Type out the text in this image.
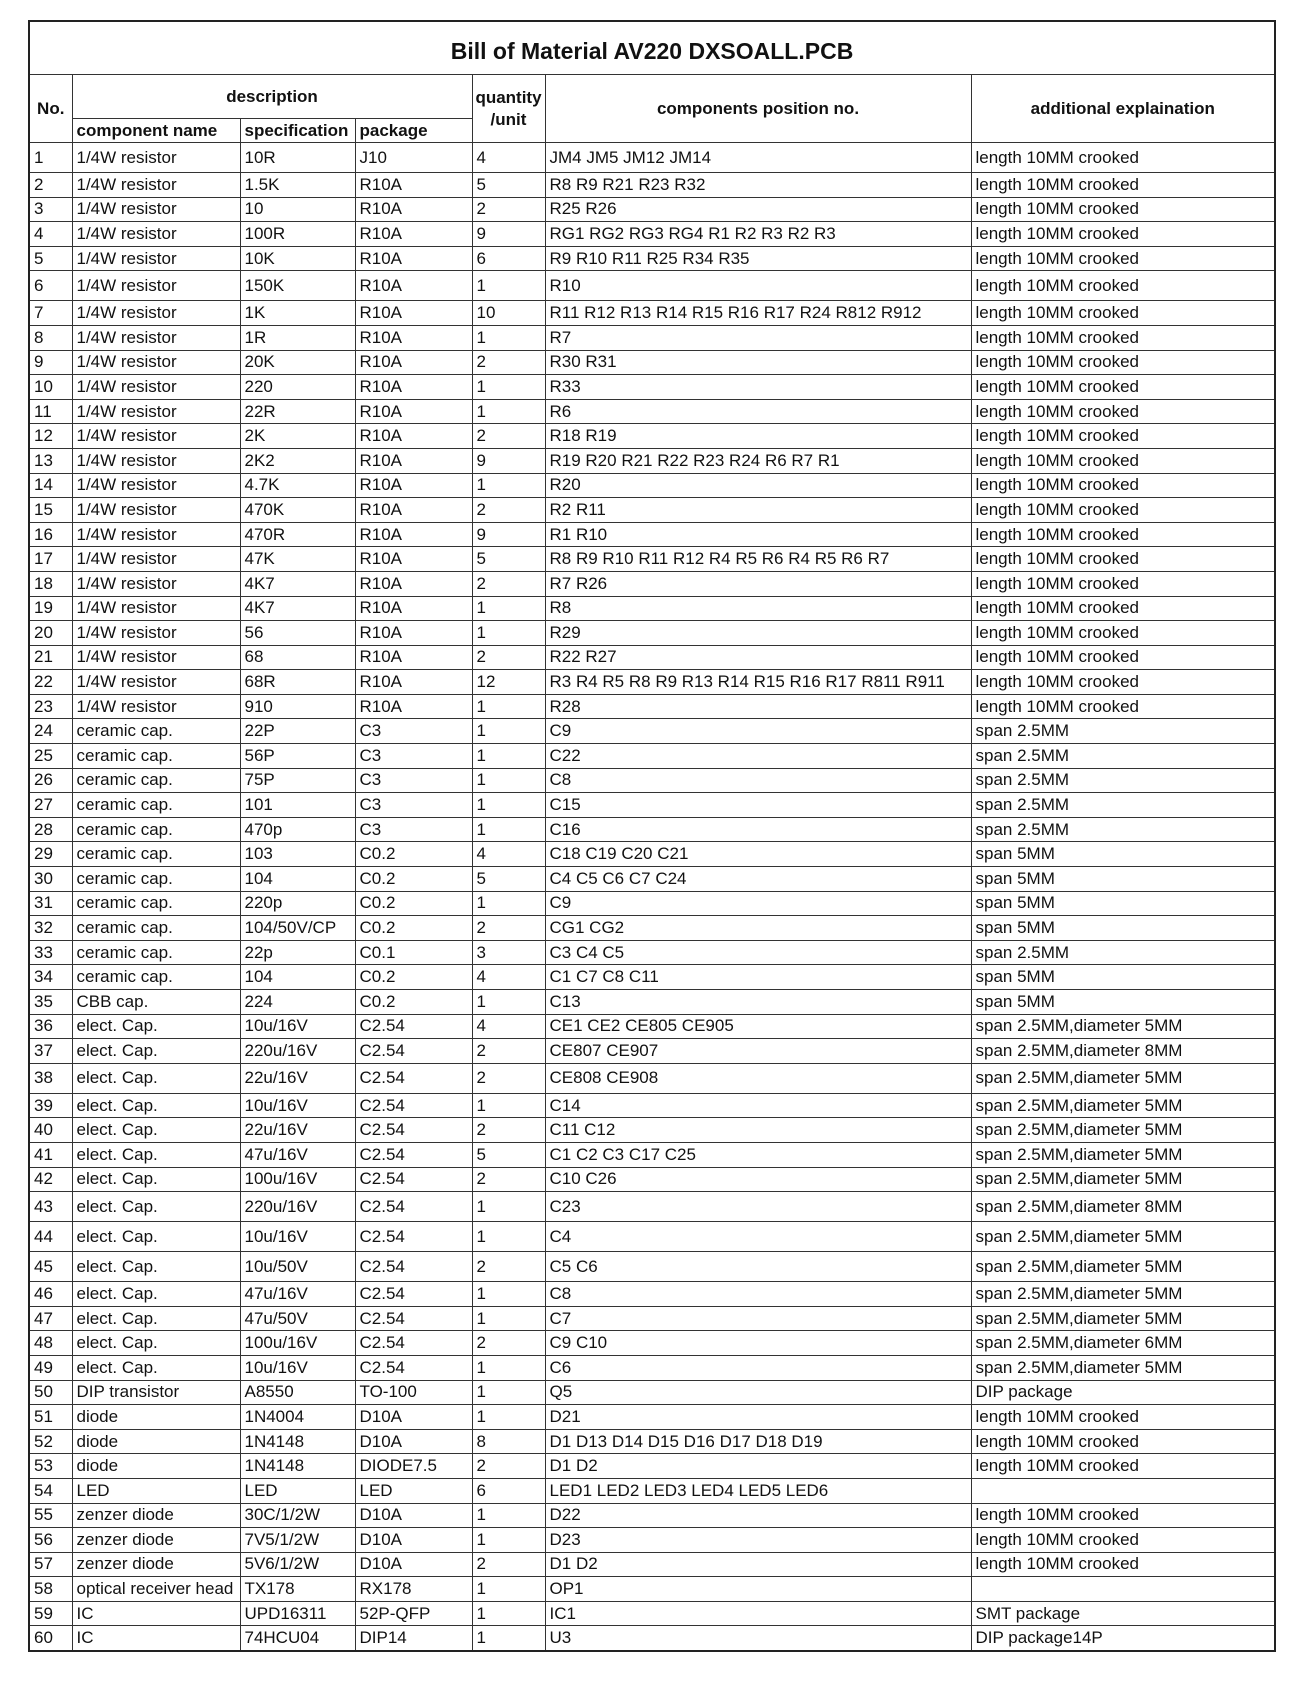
Bill of Material AV220 DXSOALL.PCB						
No.	description			quantity /unit	components position no.	additional explaination
	component name	specification	package			
1	1/4W resistor	10R	J10	4	JM4 JM5 JM12 JM14	length 10MM crooked
2	1/4W resistor	1.5K	R10A	5	R8 R9 R21 R23 R32	length 10MM crooked
3	1/4W resistor	10	R10A	2	R25 R26	length 10MM crooked
4	1/4W resistor	100R	R10A	9	RG1 RG2 RG3 RG4 R1 R2 R3 R2 R3	length 10MM crooked
5	1/4W resistor	10K	R10A	6	R9 R10 R11 R25 R34 R35	length 10MM crooked
6	1/4W resistor	150K	R10A	1	R10	length 10MM crooked
7	1/4W resistor	1K	R10A	10	R11 R12 R13 R14 R15 R16 R17 R24 R812 R912	length 10MM crooked
8	1/4W resistor	1R	R10A	1	R7	length 10MM crooked
9	1/4W resistor	20K	R10A	2	R30 R31	length 10MM crooked
10	1/4W resistor	220	R10A	1	R33	length 10MM crooked
11	1/4W resistor	22R	R10A	1	R6	length 10MM crooked
12	1/4W resistor	2K	R10A	2	R18 R19	length 10MM crooked
13	1/4W resistor	2K2	R10A	9	R19 R20 R21 R22 R23 R24 R6 R7 R1	length 10MM crooked
14	1/4W resistor	4.7K	R10A	1	R20	length 10MM crooked
15	1/4W resistor	470K	R10A	2	R2 R11	length 10MM crooked
16	1/4W resistor	470R	R10A	9	R1 R10	length 10MM crooked
17	1/4W resistor	47K	R10A	5	R8 R9 R10 R11 R12 R4 R5 R6 R4 R5 R6 R7	length 10MM crooked
18	1/4W resistor	4K7	R10A	2	R7 R26	length 10MM crooked
19	1/4W resistor	4K7	R10A	1	R8	length 10MM crooked
20	1/4W resistor	56	R10A	1	R29	length 10MM crooked
21	1/4W resistor	68	R10A	2	R22 R27	length 10MM crooked
22	1/4W resistor	68R	R10A	12	R3 R4 R5 R8 R9 R13 R14 R15 R16 R17 R811 R911	length 10MM crooked
23	1/4W resistor	910	R10A	1	R28	length 10MM crooked
24	ceramic cap.	22P	C3	1	C9	span 2.5MM
25	ceramic cap.	56P	C3	1	C22	span 2.5MM
26	ceramic cap.	75P	C3	1	C8	span 2.5MM
27	ceramic cap.	101	C3	1	C15	span 2.5MM
28	ceramic cap.	470p	C3	1	C16	span 2.5MM
29	ceramic cap.	103	C0.2	4	C18 C19 C20 C21	span 5MM
30	ceramic cap.	104	C0.2	5	C4 C5 C6 C7 C24	span 5MM
31	ceramic cap.	220p	C0.2	1	C9	span 5MM
32	ceramic cap.	104/50V/CP	C0.2	2	CG1 CG2	span 5MM
33	ceramic cap.	22p	C0.1	3	C3 C4 C5	span 2.5MM
34	ceramic cap.	104	C0.2	4	C1 C7 C8 C11	span 5MM
35	CBB cap.	224	C0.2	1	C13	span 5MM
36	elect. Cap.	10u/16V	C2.54	4	CE1 CE2 CE805 CE905	span 2.5MM,diameter 5MM
37	elect. Cap.	220u/16V	C2.54	2	CE807 CE907	span 2.5MM,diameter 8MM
38	elect. Cap.	22u/16V	C2.54	2	CE808 CE908	span 2.5MM,diameter 5MM
39	elect. Cap.	10u/16V	C2.54	1	C14	span 2.5MM,diameter 5MM
40	elect. Cap.	22u/16V	C2.54	2	C11 C12	span 2.5MM,diameter 5MM
41	elect. Cap.	47u/16V	C2.54	5	C1 C2 C3 C17 C25	span 2.5MM,diameter 5MM
42	elect. Cap.	100u/16V	C2.54	2	C10 C26	span 2.5MM,diameter 5MM
43	elect. Cap.	220u/16V	C2.54	1	C23	span 2.5MM,diameter 8MM
44	elect. Cap.	10u/16V	C2.54	1	C4	span 2.5MM,diameter 5MM
45	elect. Cap.	10u/50V	C2.54	2	C5 C6	span 2.5MM,diameter 5MM
46	elect. Cap.	47u/16V	C2.54	1	C8	span 2.5MM,diameter 5MM
47	elect. Cap.	47u/50V	C2.54	1	C7	span 2.5MM,diameter 5MM
48	elect. Cap.	100u/16V	C2.54	2	C9 C10	span 2.5MM,diameter 6MM
49	elect. Cap.	10u/16V	C2.54	1	C6	span 2.5MM,diameter 5MM
50	DIP transistor	A8550	TO-100	1	Q5	DIP package
51	diode	1N4004	D10A	1	D21	length 10MM crooked
52	diode	1N4148	D10A	8	D1 D13 D14 D15 D16 D17 D18 D19	length 10MM crooked
53	diode	1N4148	DIODE7.5	2	D1 D2	length 10MM crooked
54	LED	LED	LED	6	LED1 LED2 LED3 LED4 LED5 LED6	
55	zenzer diode	30C/1/2W	D10A	1	D22	length 10MM crooked
56	zenzer diode	7V5/1/2W	D10A	1	D23	length 10MM crooked
57	zenzer diode	5V6/1/2W	D10A	2	D1 D2	length 10MM crooked
58	optical receiver head	TX178	RX178	1	OP1	
59	IC	UPD16311	52P-QFP	1	IC1	SMT package
60	IC	74HCU04	DIP14	1	U3	DIP package14P
